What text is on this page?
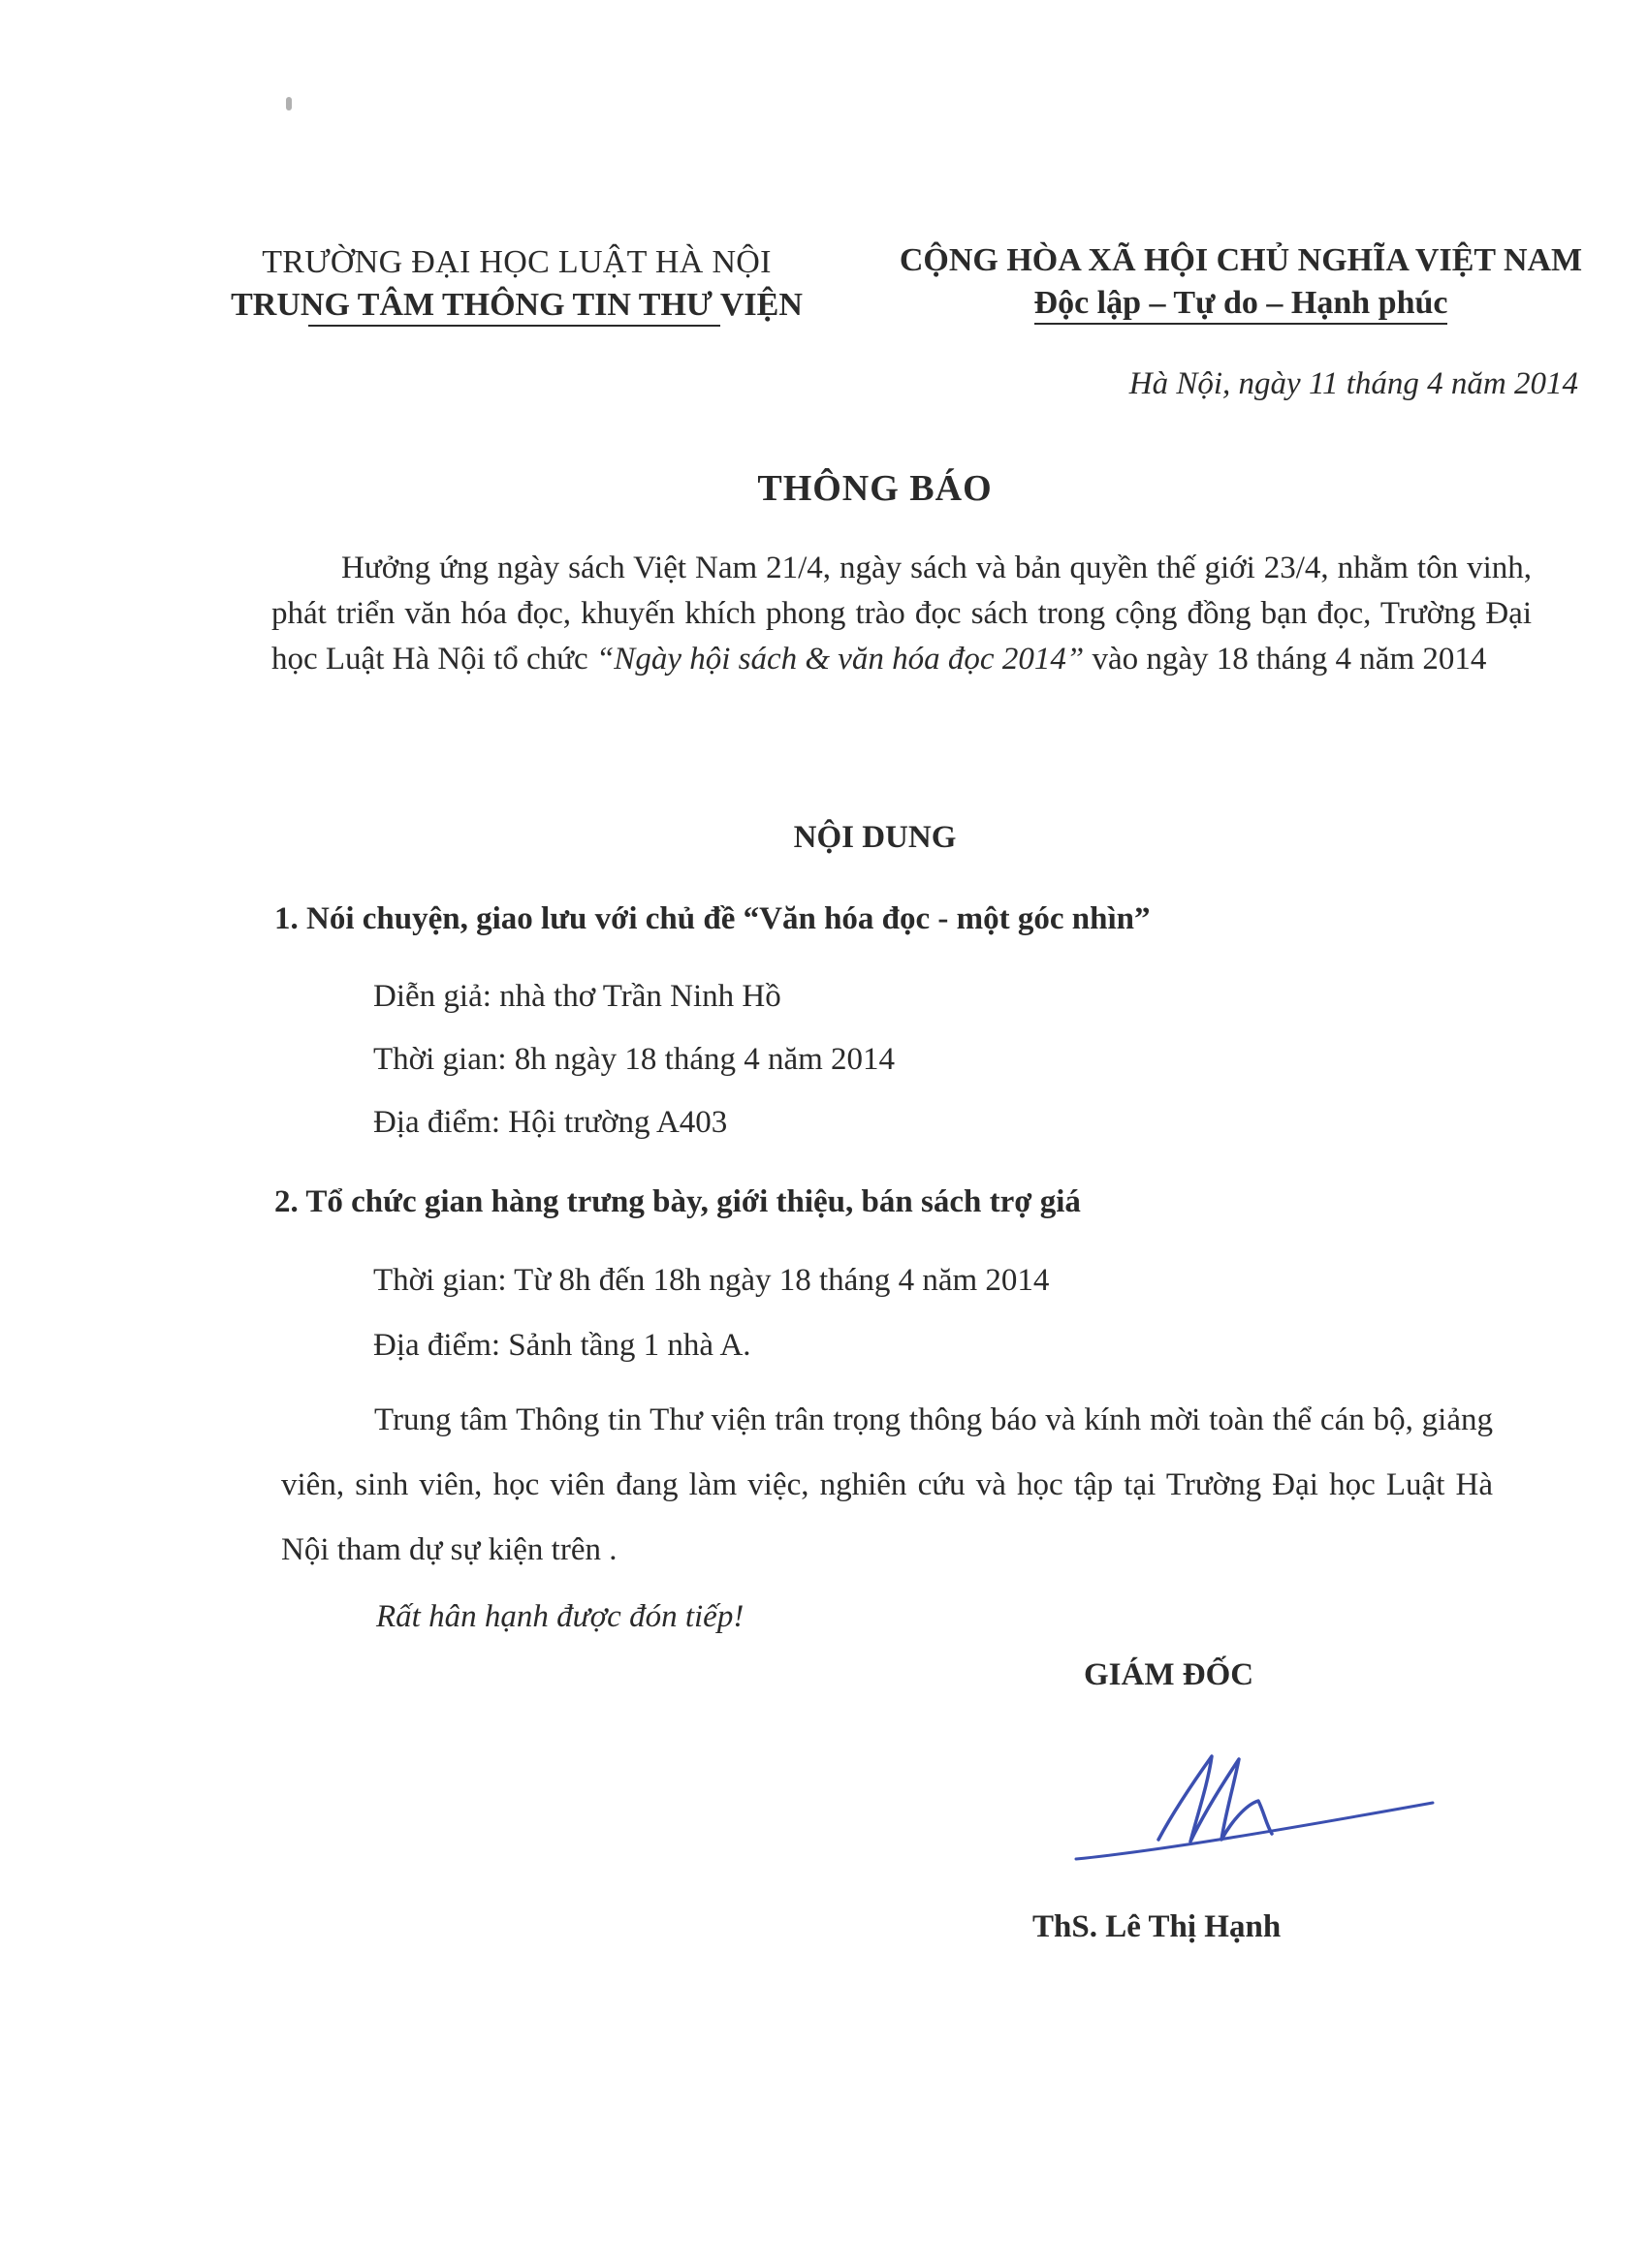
TRƯỜNG ĐẠI HỌC LUẬT HÀ NỘI
TRUNG TÂM THÔNG TIN THƯ VIỆN
CỘNG HÒA XÃ HỘI CHỦ NGHĨA VIỆT NAM
Độc lập – Tự do – Hạnh phúc
Hà Nội, ngày 11 tháng 4 năm 2014
THÔNG BÁO
Hưởng ứng ngày sách Việt Nam 21/4, ngày sách và bản quyền thế giới 23/4, nhằm tôn vinh, phát triển văn hóa đọc, khuyến khích phong trào đọc sách trong cộng đồng bạn đọc, Trường Đại học Luật Hà Nội tổ chức “Ngày hội sách & văn hóa đọc 2014” vào ngày 18 tháng 4 năm 2014
NỘI DUNG
1. Nói chuyện, giao lưu với chủ đề “Văn hóa đọc - một góc nhìn”
Diễn giả: nhà thơ Trần Ninh Hồ
Thời gian: 8h ngày 18 tháng 4 năm 2014
Địa điểm: Hội trường A403
2. Tổ chức gian hàng trưng bày, giới thiệu, bán sách trợ giá
Thời gian: Từ 8h đến 18h ngày 18 tháng 4 năm 2014
Địa điểm: Sảnh tầng 1 nhà A.
Trung tâm Thông tin Thư viện trân trọng thông báo và kính mời toàn thể cán bộ, giảng viên, sinh viên, học viên đang làm việc, nghiên cứu và học tập tại Trường Đại học Luật Hà Nội tham dự sự kiện trên .
Rất hân hạnh được đón tiếp!
GIÁM ĐỐC
ThS. Lê Thị Hạnh
